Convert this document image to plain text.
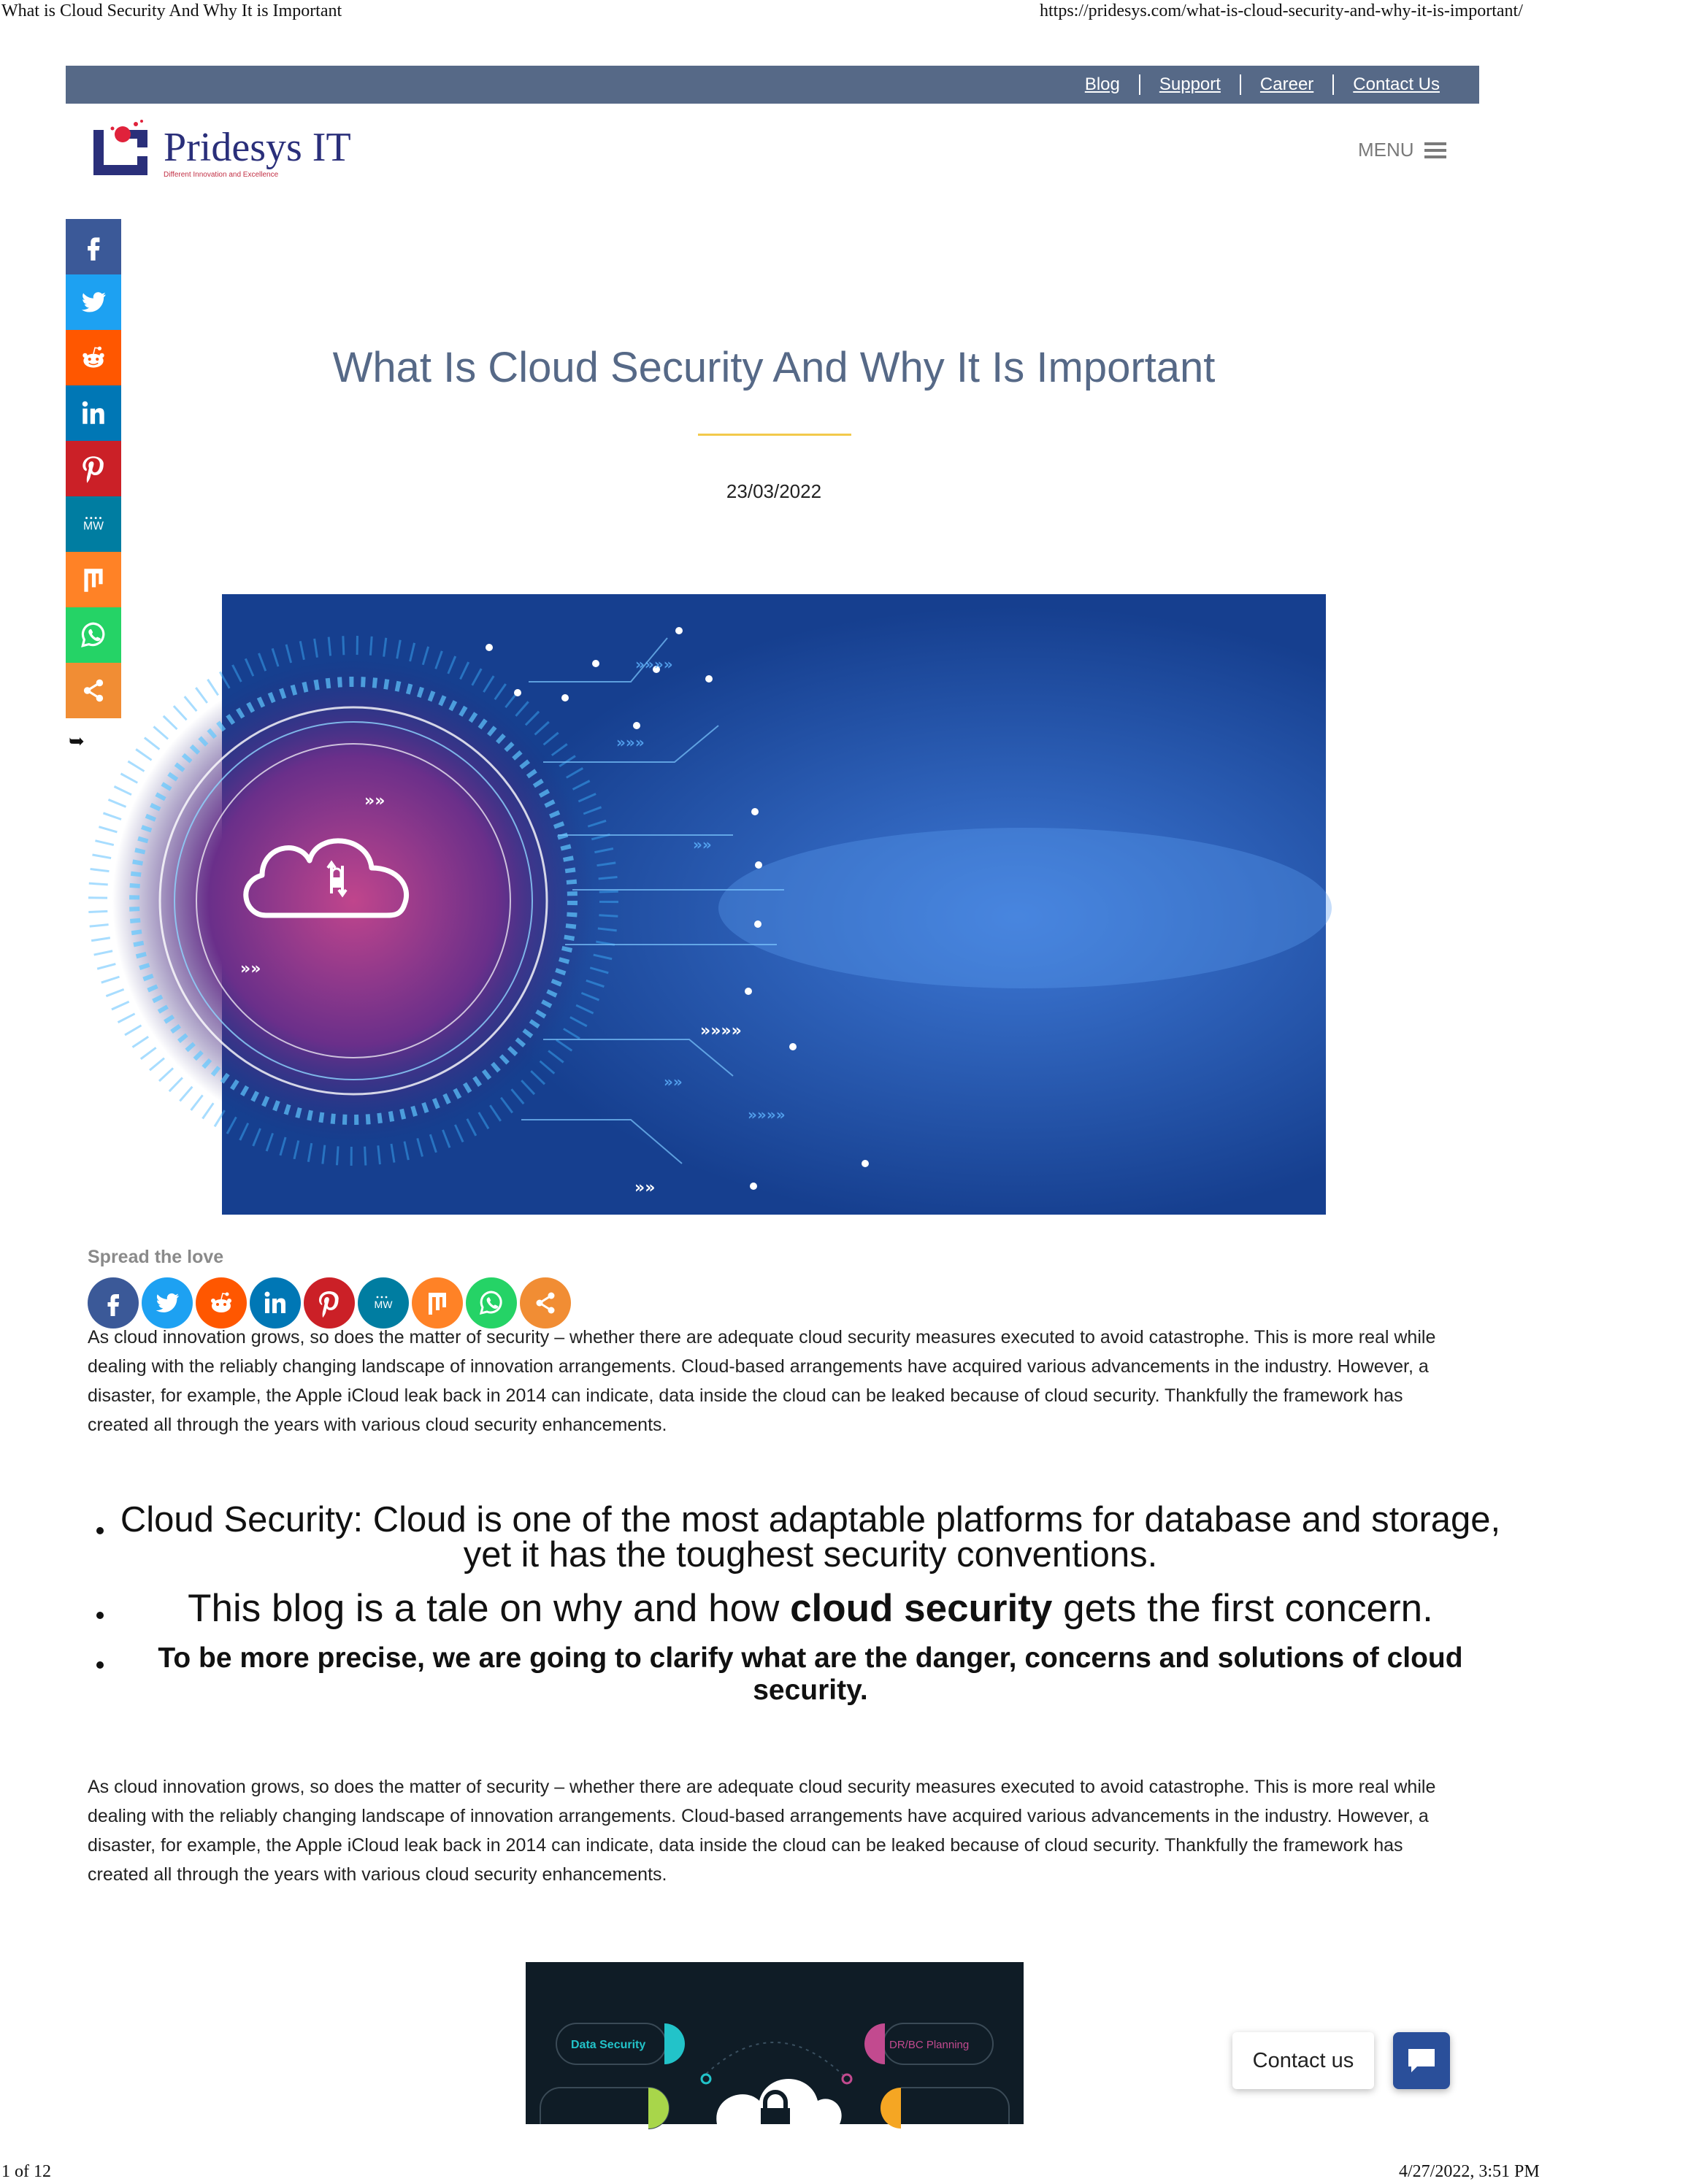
What is Cloud Security And Why It is Important	https://pridesys.com/what-is-cloud-security-and-why-it-is-important/
Blog	Support	Career	Contact Us
Pridesys IT
Different Innovation and Excellence
MENU
MW
➥
What Is Cloud Security And Why It Is Important
23/03/2022
»»
»»
»»»»
»»
»»»»
»»»
»»
»»»»
»»
Spread the love
MW
As cloud innovation grows, so does the matter of security – whether there are adequate cloud security measures executed to avoid catastrophe. This is more real while dealing with the reliably changing landscape of innovation arrangements. Cloud-based arrangements have acquired various advancements in the industry. However, a disaster, for example, the Apple iCloud leak back in 2014 can indicate, data inside the cloud can be leaked because of cloud security. Thankfully the framework has created all through the years with various cloud security enhancements.
Cloud Security: Cloud is one of the most adaptable platforms for database and storage, yet it has the toughest security conventions.
This blog is a tale on why and how cloud security gets the first concern.
To be more precise, we are going to clarify what are the danger, concerns and solutions of cloud security.
As cloud innovation grows, so does the matter of security – whether there are adequate cloud security measures executed to avoid catastrophe. This is more real while dealing with the reliably changing landscape of innovation arrangements. Cloud-based arrangements have acquired various advancements in the industry. However, a disaster, for example, the Apple iCloud leak back in 2014 can indicate, data inside the cloud can be leaked because of cloud security. Thankfully the framework has created all through the years with various cloud security enhancements.
Data Security	DR/BC Planning
Contact us
1 of 12	4/27/2022, 3:51 PM
